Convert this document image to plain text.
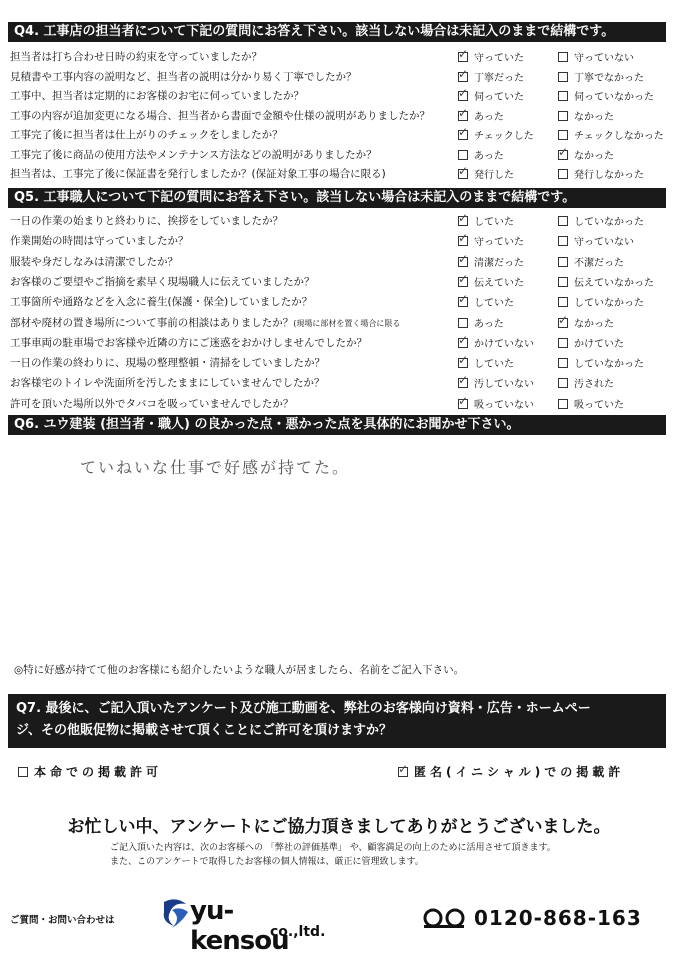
Q4. 工事店の担当者について下記の質問にお答え下さい。該当しない場合は未記入のままで結構です。
担当者は打ち合わせ日時の約束を守っていましたか？ ✓	守っていた	守っていない
見積書や工事内容の説明など、担当者の説明は分かり易く丁寧でしたか？ ✓	丁寧だった	丁寧でなかった
工事中、担当者は定期的にお客様のお宅に伺っていましたか？ ✓	伺っていた	伺っていなかった
工事の内容が追加変更になる場合、担当者から書面で金額や仕様の説明がありましたか？ ✓	あった	なかった
工事完了後に担当者は仕上がりのチェックをしましたか？ ✓	チェックした	チェックしなかった
工事完了後に商品の使用方法やメンテナンス方法などの説明がありましたか？	あった ✓	なかった
担当者は、工事完了後に保証書を発行しましたか？(保証対象工事の場合に限る) ✓	発行した	発行しなかった
Q5. 工事職人について下記の質問にお答え下さい。該当しない場合は未記入のままで結構です。
一日の作業の始まりと終わりに、挨拶をしていましたか？ ✓	していた	していなかった
作業開始の時間は守っていましたか？ ✓	守っていた	守っていない
服装や身だしなみは清潔でしたか？ ✓	清潔だった	不潔だった
お客様のご要望やご指摘を素早く現場職人に伝えていましたか？ ✓	伝えていた	伝えていなかった
工事箇所や通路などを入念に養生(保護・保全)していましたか？ ✓	していた	していなかった
部材や廃材の置き場所について事前の相談はありましたか？(現場に部材を置く場合に限る	あった ✓	なかった
工事車両の駐車場でお客様や近隣の方にご迷惑をおかけしませんでしたか？ ✓	かけていない	かけていた
一日の作業の終わりに、現場の整理整頓・清掃をしていましたか？ ✓	していた	していなかった
お客様宅のトイレや洗面所を汚したままにしていませんでしたか？ ✓	汚していない	汚された
許可を頂いた場所以外でタバコを吸っていませんでしたか？ ✓	吸っていない	吸っていた
Q6. ユウ建装 (担当者・職人) の良かった点・悪かった点を具体的にお聞かせ下さい。
ていねいな仕事で好感が持てた。
◎特に好感が持てて他のお客様にも紹介したいような職人が居ましたら、名前をご記入下さい。
Q7. 最後に、ご記入頂いたアンケート及び施工動画を、弊社のお客様向け資料・広告・ホームペー
ジ、その他販促物に掲載させて頂くことにご許可を頂けますか？
本命での掲載許可 ✓	匿名(イニシャル)での掲載許
お忙しい中、アンケートにご協力頂きましてありがとうございました。
ご記入頂いた内容は、次のお客様への 「弊社の評価基準」 や、顧客満足の向上のために活用させて頂きます。
また、このアンケートで取得したお客様の個人情報は、厳正に管理致します。
ご質問・お問い合わせは	yu-kensou
co.,ltd.
0120-868-163
